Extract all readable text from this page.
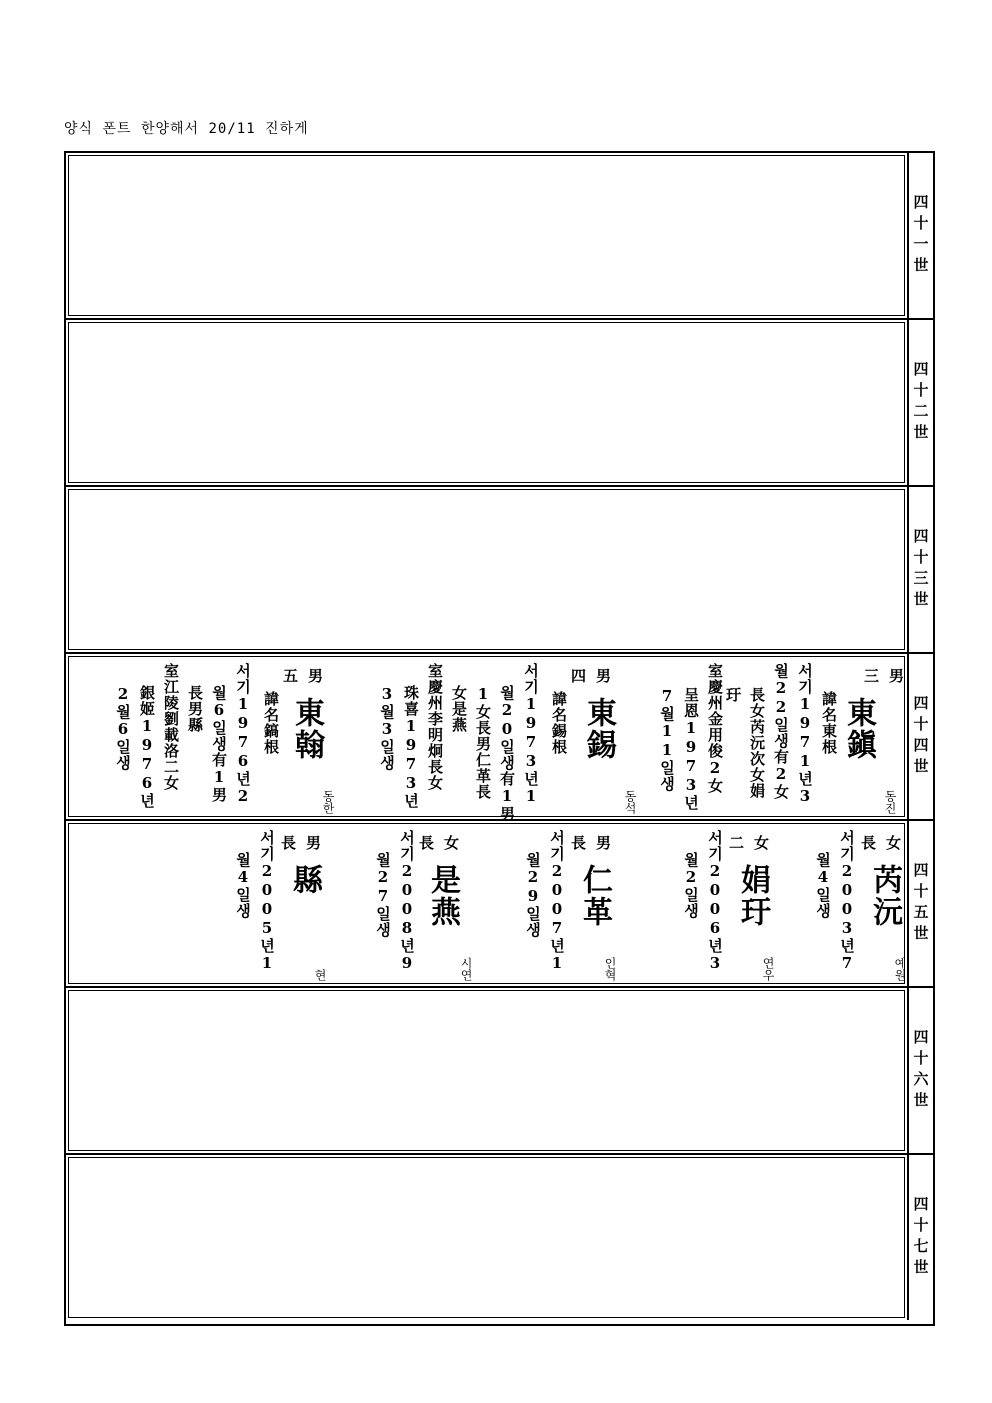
양식 폰트 한양해서 20/11 진하게
四十一世
四十二世
四十三世
三男
東鎭
동진
諱名東根
서기1971년3
월22일생有2女
長女芮沅次女娟
玗
室慶州金用俊2女
呈恩1973년
7월11일생
四男
東錫
동석
諱名錫根
서기1973년1
월20일생有1男
1女長男仁革長
女是燕
室慶州李明炯長女
珠喜1973년
3월3일생
五男
東翰
동한
諱名鎬根
서기1976년2
월6일생有1男
長男縣
室江陵劉載洛二女
銀姬1976년
2월6일생	四十四世
長女
芮沅
예원
서기2003년7
월4일생
二女
娟玗
연우
서기2006년3
월2일생
長男
仁革
인혁
서기2007년1
월29일생
長女
是燕
시연
서기2008년9
월27일생
長男
縣
현
서기2005년1
월4일생	四十五世
四十六世
四十七世
